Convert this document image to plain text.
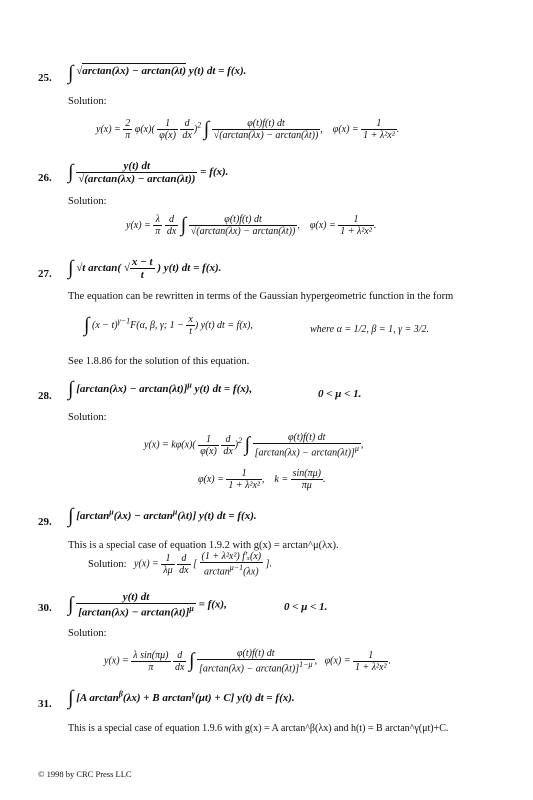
25. ∫ √arctan(λx) − arctan(λt) y(t) dt = f(x).
Solution:
$y(x) = \frac{2}{\pi} \varphi(x)( \frac{1}{\varphi(x)}$
$\frac{d}{dx} )^2$ ∫ $\frac{\varphi(t)f(t) dt}{√(\arctan(\lambda x) - \arctan(\lambda t))}$ ,    $\varphi(x) = \frac{1}{\text{1 + λ²x²}}$ .
26. ∫ $\frac{y(t) dt}{√(\arctan(\lambda x) - \arctan(\lambda t))} = f(x)$.
Solution:
$y(x) = \frac{\lambda}{\pi}$
$\frac{d}{dx}$ ∫ $\frac{\varphi(t)f(t) dt}{√(\arctan(\lambda x) - \arctan(\lambda t))}$ ,    $\varphi(x) = \frac{1}{\text{1 + λ²x²}}$ .
27. ∫ √t arctan( √ $\frac{x - t}{t}$ ) y(t) dt = f(x).
The equation can be rewritten in terms of the Gaussian hypergeometric function in the form
∫ $(x - t)^{\gamma-1}F(\alpha$, β, γ; $1 - \frac{x}{t}$ ) y(t) dt = f(x),	where α = 1/2, β = 1, γ = 3/2.
See 1.8.86 for the solution of this equation.
28. ∫ $[\arctan(\lambda x) - \arctan(\lambda t)]^\mu$ y(t) dt = f(x),	0 < μ < 1.
Solution:
$y(x) = k\varphi(x)( \frac{1}{\varphi(x)}$
$\frac{d}{dx} )^2$ ∫ $\frac{\varphi(t)f(t) dt}{[\arctan(\lambda x) - \arctan(\lambda t)]^\mu}$ ,
$\varphi(x) = \frac{1}{\text{1 + λ²x²}}$ ,    $k = \frac{\sin(\pi\mu)}{\pi\mu}$ .
29. ∫ $[\arctan^\mu(\lambda x) - \arctan^\mu(\lambda t)]$ y(t) dt = f(x).
This is a special case of equation 1.9.2 with g(x) = arctan^μ(λx).
Solution: $y(x) = \frac{1}{\lambda\mu}$
$\frac{d}{dx}$ [ $\frac{\text{(1 + λ²x²) f′ₓ(x)}}{\arctan^{\mu-1}(\lambda x)}$ ].
30. ∫ $\frac{y(t) dt}{[\arctan(\lambda x) - \arctan(\lambda t)]^\mu} = f(x)$,	0 < μ < 1.
Solution:
$y(x) = \frac{\text{λ sin(πμ)}}{\pi}$
$\frac{d}{dx}$ ∫ $\frac{\varphi(t)f(t) dt}{[\arctan(\lambda x) - \arctan(\lambda t)]^{1-\mu}}$ ,   $\varphi(x) = \frac{1}{\text{1 + λ²x²}}$ .
31. ∫ [A $\arctan^\beta(\lambda x) + B$ $\arctan^\gamma(\mu t) + C$] y(t) dt = f(x).
This is a special case of equation 1.9.6 with g(x) = A arctan^β(λx) and h(t) = B arctan^γ(μt)+C.
© 1998 by CRC Press LLC
